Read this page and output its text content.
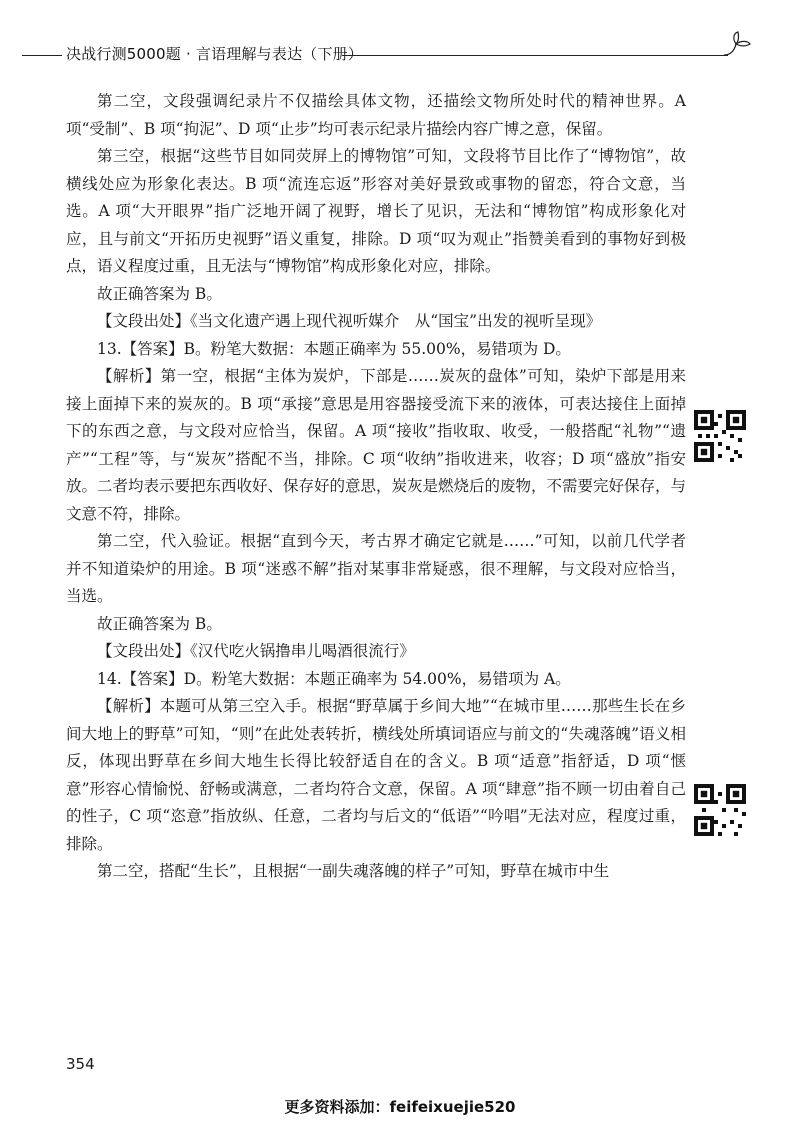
决战行测5000题 · 言语理解与表达（下册）

第二空，文段强调纪录片不仅描绘具体文物，还描绘文物所处时代的精神世界。A 项“受制”、B 项“拘泥”、D 项“止步”均可表示纪录片描绘内容广博之意，保留。

第三空，根据“这些节目如同荧屏上的博物馆”可知，文段将节目比作了“博物馆”，故横线处应为形象化表达。B 项“流连忘返”形容对美好景致或事物的留恋，符合文意，当选。A 项“大开眼界”指广泛地开阔了视野，增长了见识，无法和“博物馆”构成形象化对应，且与前文“开拓历史视野”语义重复，排除。D 项“叹为观止”指赞美看到的事物好到极点，语义程度过重，且无法与“博物馆”构成形象化对应，排除。

故正确答案为 B。

【文段出处】《当文化遗产遇上现代视听媒介　从“国宝”出发的视听呈现》

13.【答案】B。粉笔大数据：本题正确率为 55.00%，易错项为 D。

【解析】第一空，根据“主体为炭炉，下部是……炭灰的盘体”可知，染炉下部是用来接上面掉下来的炭灰的。B 项“承接”意思是用容器接受流下来的液体，可表达接住上面掉下的东西之意，与文段对应恰当，保留。A 项“接收”指收取、收受，一般搭配“礼物”“遗产”“工程”等，与“炭灰”搭配不当，排除。C 项“收纳”指收进来，收容；D 项“盛放”指安放。二者均表示要把东西收好、保存好的意思，炭灰是燃烧后的废物，不需要完好保存，与文意不符，排除。

第二空，代入验证。根据“直到今天，考古界才确定它就是……”可知，以前几代学者并不知道染炉的用途。B 项“迷惑不解”指对某事非常疑惑，很不理解，与文段对应恰当，当选。

故正确答案为 B。

【文段出处】《汉代吃火锅撸串儿喝酒很流行》

14.【答案】D。粉笔大数据：本题正确率为 54.00%，易错项为 A。

【解析】本题可从第三空入手。根据“野草属于乡间大地”“在城市里……那些生长在乡间大地上的野草”可知，“则”在此处表转折，横线处所填词语应与前文的“失魂落魄”语义相反，体现出野草在乡间大地生长得比较舒适自在的含义。B 项“适意”指舒适，D 项“惬意”形容心情愉悦、舒畅或满意，二者均符合文意，保留。A 项“肆意”指不顾一切由着自己的性子，C 项“恣意”指放纵、任意，二者均与后文的“低语”“吟唱”无法对应，程度过重，排除。

第二空，搭配“生长”，且根据“一副失魂落魄的样子”可知，野草在城市中生

354
更多资料添加：feifeixuejie520
